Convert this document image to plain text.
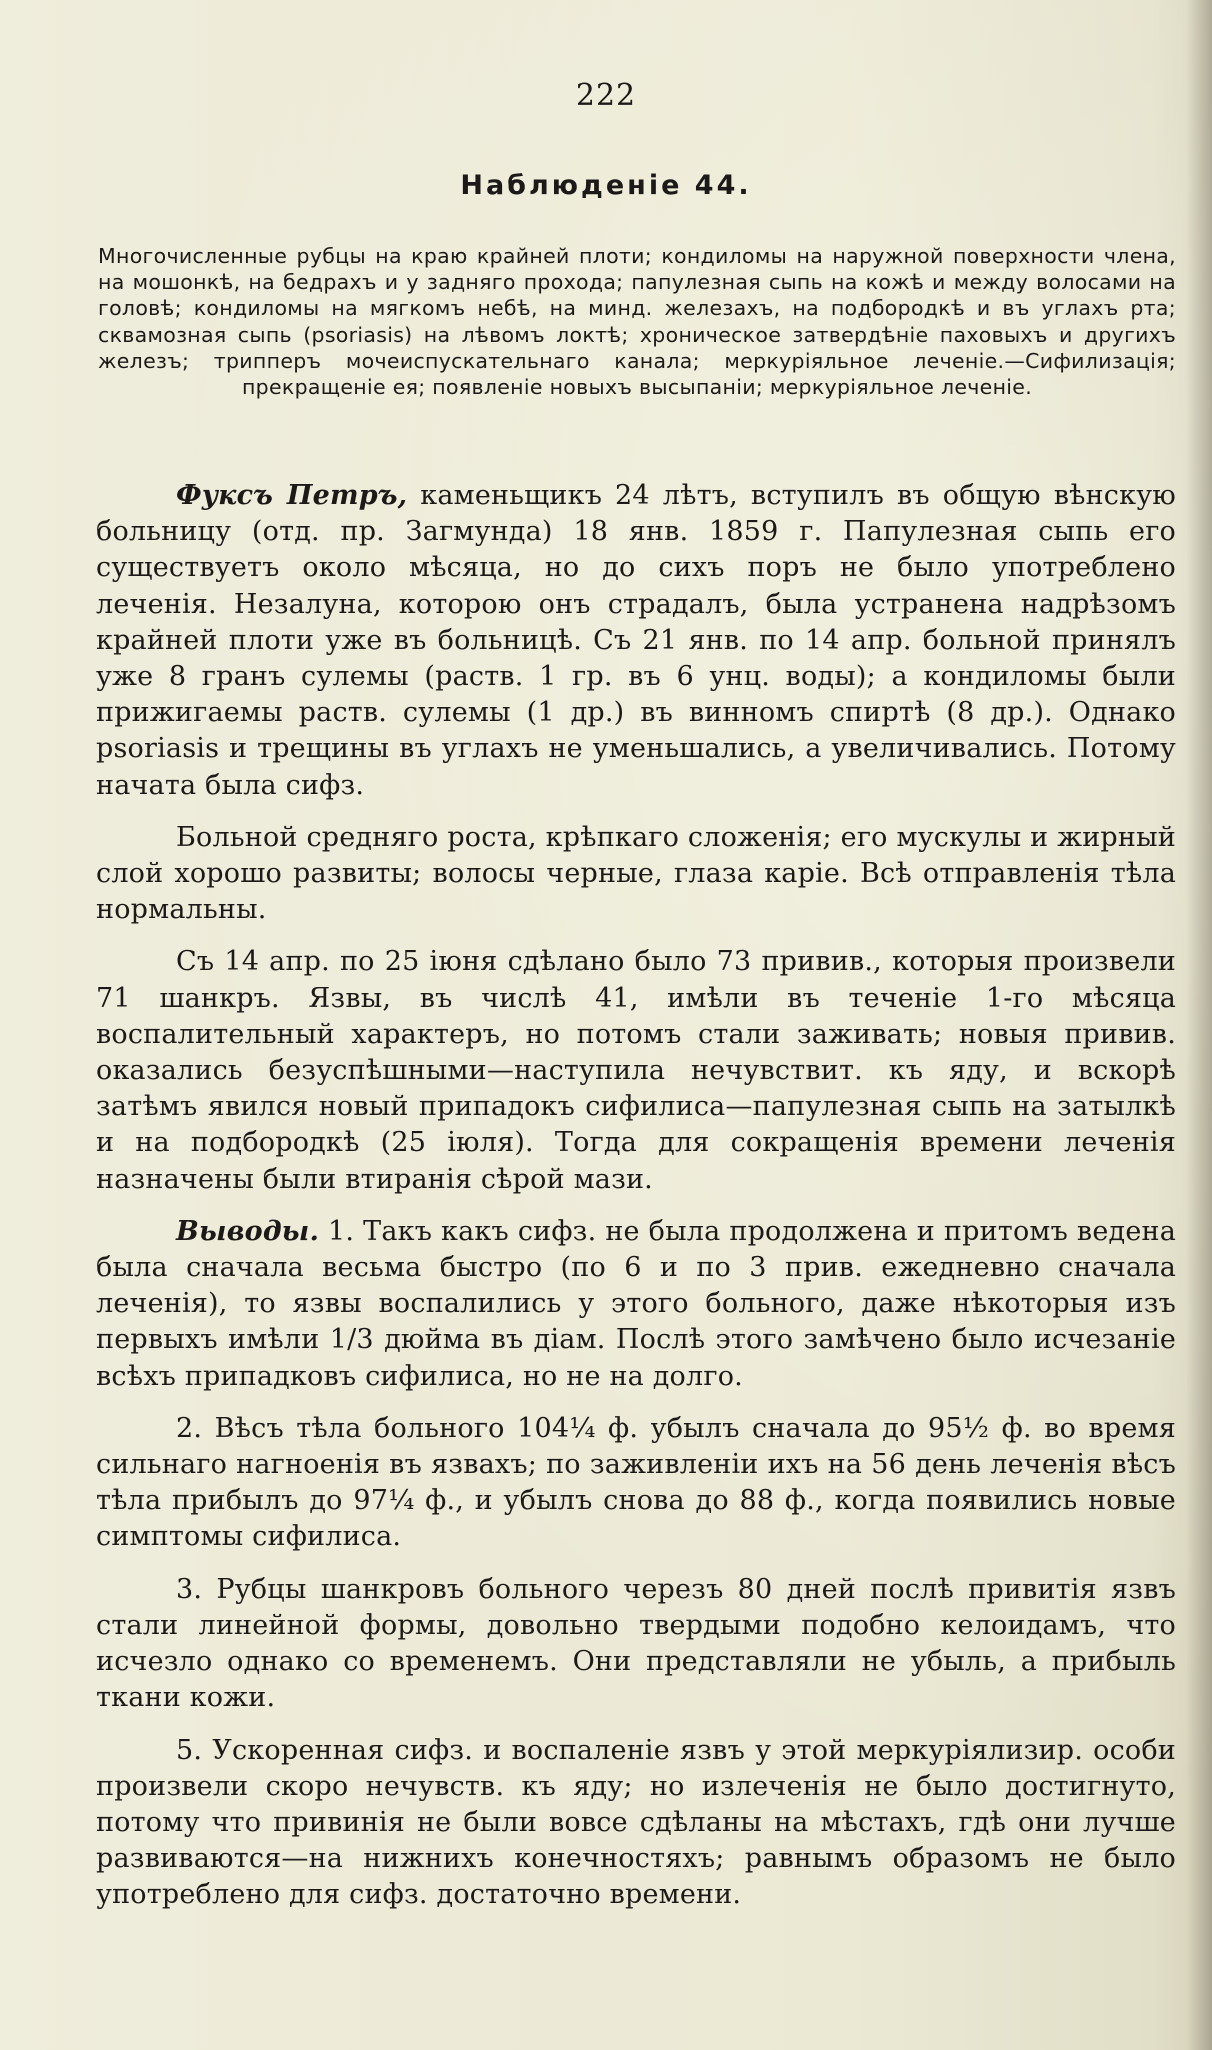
222
Наблюденie 44.
Многочисленные рубцы на краю крайней плоти; кондиломы на наружной поверхности члена, на мошонкѣ, на бедрахъ и у задняго прохода; папулезная сыпь на кожѣ и между волосами на головѣ; кондиломы на мягкомъ небѣ, на минд. железахъ, на подбородкѣ и въ углахъ рта; сквамозная сыпь (psoriasis) на лѣвомъ локтѣ; хроническое затвердѣнie паховыхъ и другихъ железъ; трипперъ мочеиспускательнаго канала; меркурiяльное леченie.—Сифилизацiя; прекращенie ея; появленie новыхъ высыпанiи; меркурiяльное леченie.

Фуксъ Петръ, каменьщикъ 24 лѣтъ, вступилъ въ общую вѣнскую больницу (отд. пр. Загмунда) 18 янв. 1859 г. Папулезная сыпь его существуетъ около мѣсяца, но до сихъ поръ не было употреблено леченiя. Незалуна, которою онъ страдалъ, была устранена надрѣзомъ крайней плоти уже въ больницѣ. Съ 21 янв. по 14 апр. больной принялъ уже 8 гранъ сулемы (раств. 1 гр. въ 6 унц. воды); а кондиломы были прижигаемы раств. сулемы (1 др.) въ винномъ спиртѣ (8 др.). Однако psoriasis и трещины въ углахъ не уменьшались, а увеличивались. Потому начата была сифз.

Больной средняго роста, крѣпкаго сложенiя; его мускулы и жирный слой хорошо развиты; волосы черные, глаза карiе. Всѣ отправленiя тѣла нормальны.

Съ 14 апр. по 25 iюня сдѣлано было 73 привив., которыя произвели 71 шанкръ. Язвы, въ числѣ 41, имѣли въ теченie 1-го мѣсяца воспалительный характеръ, но потомъ стали заживать; новыя привив. оказались безуспѣшными—наступила нечувствит. къ яду, и вскорѣ затѣмъ явился новый припадокъ сифилиса—папулезная сыпь на затылкѣ и на подбородкѣ (25 iюля). Тогда для сокращенiя времени леченiя назначены были втиранiя сѣрой мази.

Выводы. 1. Такъ какъ сифз. не была продолжена и притомъ ведена была сначала весьма быстро (по 6 и по 3 прив. ежедневно сначала леченiя), то язвы воспалились у этого больного, даже нѣкоторыя изъ первыхъ имѣли 1/3 дюйма въ дiам. Послѣ этого замѣчено было исчезанie всѣхъ припадковъ сифилиса, но не на долго.

2. Вѣсъ тѣла больного 104¼ ф. убылъ сначала до 95½ ф. во время сильнаго нагноенiя въ язвахъ; по заживленiи ихъ на 56 день леченiя вѣсъ тѣла прибылъ до 97¼ ф., и убылъ снова до 88 ф., когда появились новые симптомы сифилиса.

3. Рубцы шанкровъ больного черезъ 80 дней послѣ привитiя язвъ стали линейной формы, довольно твердыми подобно келоидамъ, что исчезло однако со временемъ. Они представляли не убыль, а прибыль ткани кожи.

5. Ускоренная сифз. и воспаленie язвъ у этой меркурiялизир. особи произвели скоро нечувств. къ яду; но излеченiя не было достигнуто, потому что привинiя не были вовсе сдѣланы на мѣстахъ, гдѣ они лучше развиваются—на нижнихъ конечностяхъ; равнымъ образомъ не было употреблено для сифз. достаточно времени.
